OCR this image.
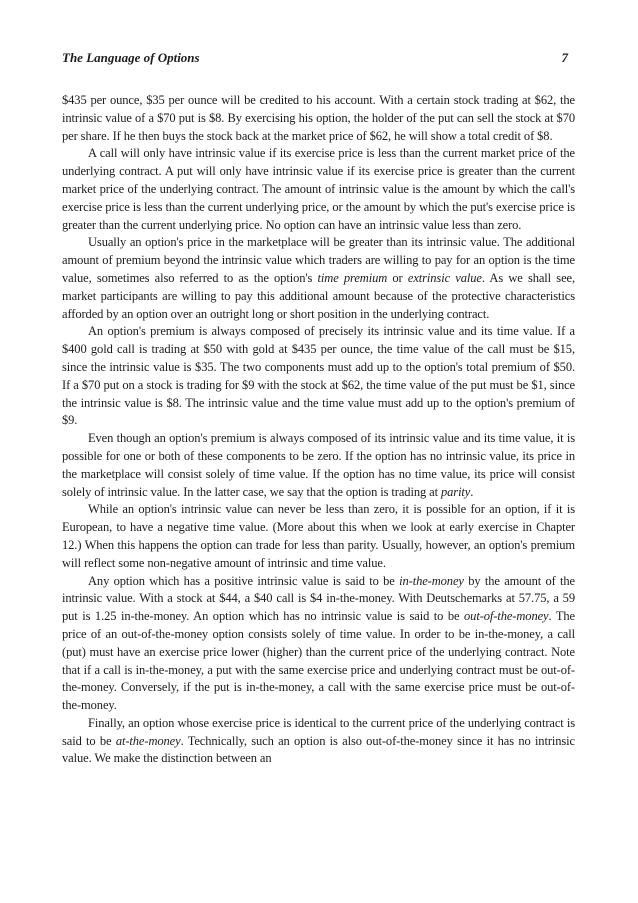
The Language of Options	7

$435 per ounce, $35 per ounce will be credited to his account. With a certain stock trading at $62, the intrinsic value of a $70 put is $8. By exercising his option, the holder of the put can sell the stock at $70 per share. If he then buys the stock back at the market price of $62, he will show a total credit of $8.

A call will only have intrinsic value if its exercise price is less than the current market price of the underlying contract. A put will only have intrinsic value if its exercise price is greater than the current market price of the underlying contract. The amount of intrinsic value is the amount by which the call's exercise price is less than the current underlying price, or the amount by which the put's exercise price is greater than the current underlying price. No option can have an intrinsic value less than zero.

Usually an option's price in the marketplace will be greater than its intrinsic value. The additional amount of premium beyond the intrinsic value which traders are willing to pay for an option is the time value, sometimes also referred to as the option's time premium or extrinsic value. As we shall see, market participants are willing to pay this additional amount because of the protective characteristics afforded by an option over an outright long or short position in the underlying contract.

An option's premium is always composed of precisely its intrinsic value and its time value. If a $400 gold call is trading at $50 with gold at $435 per ounce, the time value of the call must be $15, since the intrinsic value is $35. The two components must add up to the option's total premium of $50. If a $70 put on a stock is trading for $9 with the stock at $62, the time value of the put must be $1, since the intrinsic value is $8. The intrinsic value and the time value must add up to the option's premium of $9.

Even though an option's premium is always composed of its intrinsic value and its time value, it is possible for one or both of these components to be zero. If the option has no intrinsic value, its price in the marketplace will consist solely of time value. If the option has no time value, its price will consist solely of intrinsic value. In the latter case, we say that the option is trading at parity.

While an option's intrinsic value can never be less than zero, it is possible for an option, if it is European, to have a negative time value. (More about this when we look at early exercise in Chapter 12.) When this happens the option can trade for less than parity. Usually, however, an option's premium will reflect some non-negative amount of intrinsic and time value.

Any option which has a positive intrinsic value is said to be in-the-money by the amount of the intrinsic value. With a stock at $44, a $40 call is $4 in-the-money. With Deutschemarks at 57.75, a 59 put is 1.25 in-the-money. An option which has no intrinsic value is said to be out-of-the-money. The price of an out-of-the-money option consists solely of time value. In order to be in-the-money, a call (put) must have an exercise price lower (higher) than the current price of the underlying contract. Note that if a call is in-the-money, a put with the same exercise price and underlying contract must be out-of-the-money. Conversely, if the put is in-the-money, a call with the same exercise price must be out-of-the-money.

Finally, an option whose exercise price is identical to the current price of the underlying contract is said to be at-the-money. Technically, such an option is also out-of-the-money since it has no intrinsic value. We make the distinction between an
